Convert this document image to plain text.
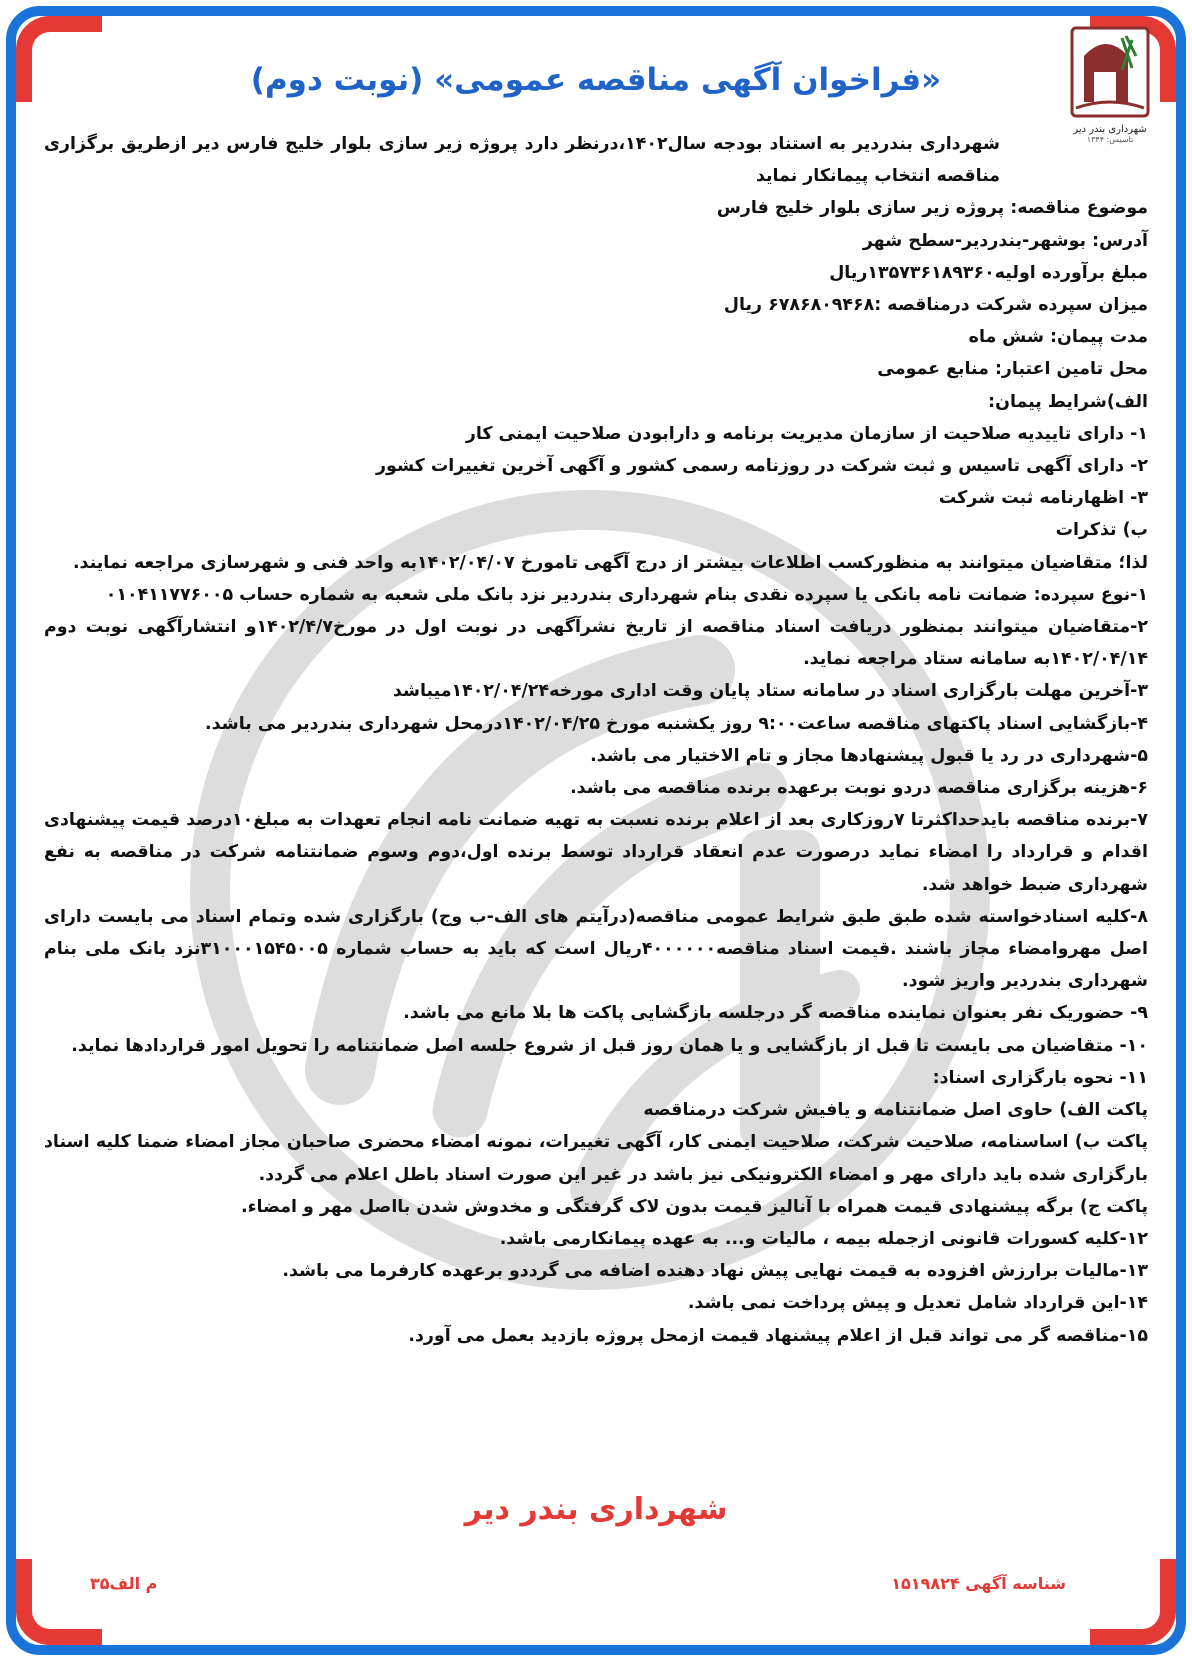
شهرداری بندر دیر
تاسیس: ۱۳۴۴
«فراخوان آگهی مناقصه عمومی» (نوبت دوم)

شهرداری بندردیر به استناد بودجه سال۱۴۰۲،درنظر دارد پروژه زیر سازی بلوار خلیج فارس دیر ازطریق برگزاری مناقصه انتخاب پیمانکار نماید

موضوع مناقصه: پروژه زیر سازی بلوار خلیج فارس

آدرس: بوشهر-بندردیر-سطح شهر

مبلغ برآورده اولیه۱۳۵۷۳۶۱۸۹۳۶۰ریال

میزان سپرده شرکت درمناقصه :۶۷۸۶۸۰۹۴۶۸ ریال

مدت پیمان: شش ماه

محل تامین اعتبار: منابع عمومی

الف)شرایط پیمان:

۱- دارای تاییدیه صلاحیت از سازمان مدیریت برنامه و دارابودن صلاحیت ایمنی کار

۲- دارای آگهی تاسیس و ثبت شرکت در روزنامه رسمی کشور و آگهی آخرین تغییرات کشور

۳- اظهارنامه ثبت شرکت

ب) تذکرات

لذا؛ متقاضیان میتوانند به منظورکسب اطلاعات بیشتر از درج آگهی تامورخ ۱۴۰۲/۰۴/۰۷به واحد فنی و شهرسازی مراجعه نمایند.

۱-نوع سپرده: ضمانت نامه بانکی یا سپرده نقدی بنام شهرداری بندردیر نزد بانک ملی شعبه به شماره حساب ۰۱۰۴۱۱۷۷۶۰۰۵

۲-متقاضیان میتوانند بمنظور دریافت اسناد مناقصه از تاریخ نشرآگهی در نوبت اول در مورخ۱۴۰۲/۴/۷و انتشارآگهی نوبت دوم ۱۴۰۲/۰۴/۱۴به سامانه ستاد مراجعه نماید.

۳-آخرین مهلت بارگزاری اسناد در سامانه ستاد پایان وقت اداری مورخه۱۴۰۲/۰۴/۲۴میباشد

۴-بازگشایی اسناد پاکتهای مناقصه ساعت۹:۰۰ روز یکشنبه مورخ ۱۴۰۲/۰۴/۲۵درمحل شهرداری بندردیر می باشد.

۵-شهرداری در رد یا قبول پیشنهادها مجاز و تام الاختیار می باشد.

۶-هزینه برگزاری مناقصه دردو نوبت برعهده برنده مناقصه می باشد.

۷-برنده مناقصه بایدحداکثرتا ۷روزکاری بعد از اعلام برنده نسبت به تهیه ضمانت نامه انجام تعهدات به مبلغ۱۰درصد قیمت پیشنهادی اقدام و قرارداد را امضاء نماید درصورت عدم انعقاد قرارداد توسط برنده اول،دوم وسوم ضمانتنامه شرکت در مناقصه به نفع شهرداری ضبط خواهد شد.

۸-کلیه اسنادخواسته شده طبق طبق شرایط عمومی مناقصه(درآیتم های الف-ب وج) بارگزاری شده وتمام اسناد می بایست دارای اصل مهروامضاء مجاز باشند .قیمت اسناد مناقصه۴۰۰۰۰۰۰ریال است که باید به حساب شماره ۳۱۰۰۰۱۵۴۵۰۰۵نزد بانک ملی بنام شهرداری بندردیر واریز شود.

۹- حضوریک نفر بعنوان نماینده مناقصه گر درجلسه بازگشایی پاکت ها بلا مانع می باشد.

۱۰- متقاضیان می بایست تا قبل از بازگشایی و یا همان روز قبل از شروع جلسه اصل ضمانتنامه را تحویل امور قراردادها نماید.

۱۱- نحوه بارگزاری اسناد:

پاکت الف) حاوی اصل ضمانتنامه و یافیش شرکت درمناقصه

پاکت ب) اساسنامه، صلاحیت شرکت، صلاحیت ایمنی کار، آگهی تغییرات، نمونه امضاء محضری صاحبان مجاز امضاء ضمنا کلیه اسناد بارگزاری شده باید دارای مهر و امضاء الکترونیکی نیز باشد در غیر این صورت اسناد باطل اعلام می گردد.

پاکت ج) برگه پیشنهادی قیمت همراه با آنالیز قیمت بدون لاک گرفتگی و مخدوش شدن بااصل مهر و امضاء.

۱۲-کلیه کسورات قانونی ازجمله بیمه ، مالیات و... به عهده پیمانکارمی باشد.

۱۳-مالیات برارزش افزوده به قیمت نهایی پیش نهاد دهنده اضافه می گرددو برعهده کارفرما می باشد.

۱۴-این قرارداد شامل تعدیل و پیش پرداخت نمی باشد.

۱۵-مناقصه گر می تواند قبل از اعلام پیشنهاد قیمت ازمحل پروژه بازدید بعمل می آورد.

شهرداری بندر دیر
شناسه آگهی ۱۵۱۹۸۲۴
م الف۳۵
